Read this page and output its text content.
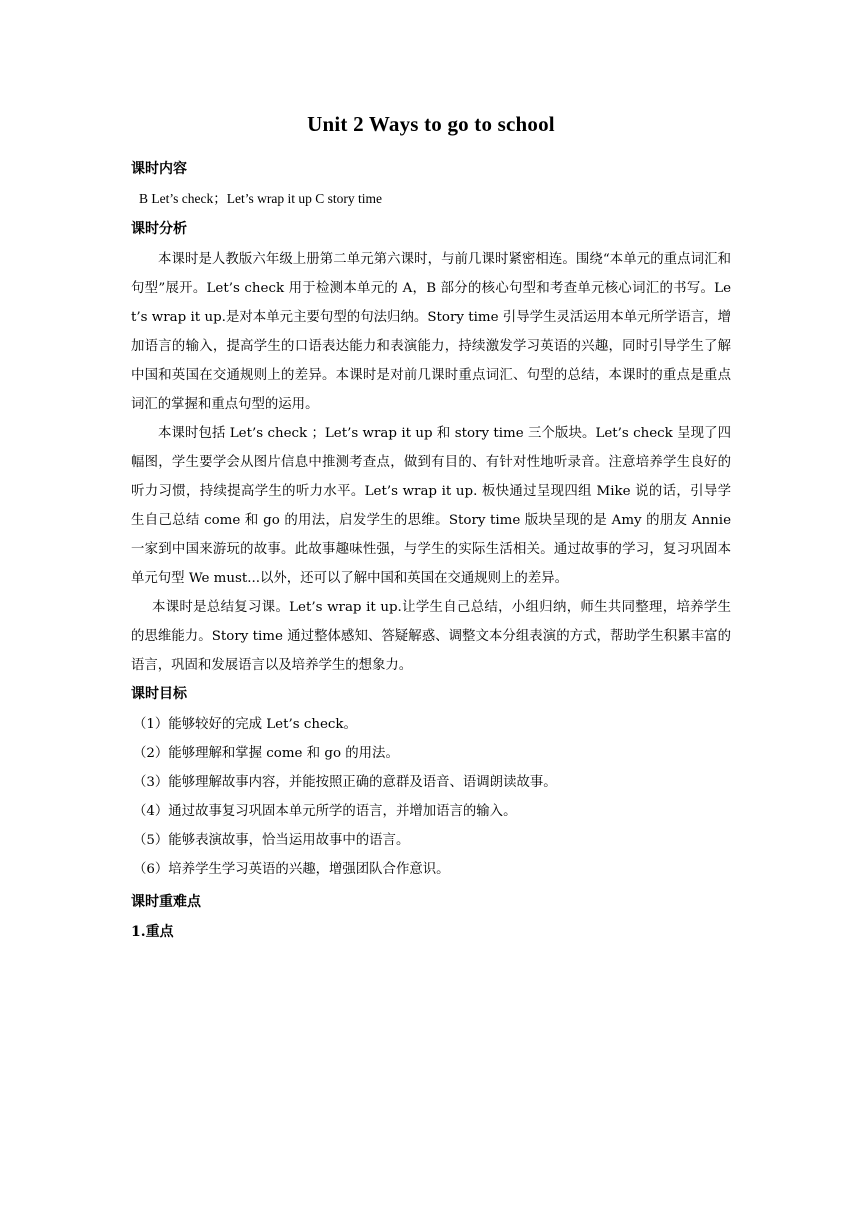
Unit 2 Ways to go to school

课时内容

B Let’s check；Let’s wrap it up C story time

课时分析

本课时是人教版六年级上册第二单元第六课时，与前几课时紧密相连。围绕“本单元的重点词汇和句型”展开。Let’s check 用于检测本单元的 A，B 部分的核心句型和考查单元核心词汇的书写。Let’s wrap it up.是对本单元主要句型的句法归纳。Story time 引导学生灵活运用本单元所学语言，增加语言的输入，提高学生的口语表达能力和表演能力，持续激发学习英语的兴趣，同时引导学生了解中国和英国在交通规则上的差异。本课时是对前几课时重点词汇、句型的总结，本课时的重点是重点词汇的掌握和重点句型的运用。

本课时包括 Let’s check ；Let’s wrap it up 和 story time 三个版块。Let’s check 呈现了四幅图，学生要学会从图片信息中推测考查点，做到有目的、有针对性地听录音。注意培养学生良好的听力习惯，持续提高学生的听力水平。Let’s wrap it up. 板快通过呈现四组 Mike 说的话，引导学生自己总结 come 和 go 的用法，启发学生的思维。Story time 版块呈现的是 Amy 的朋友 Annie 一家到中国来游玩的故事。此故事趣味性强，与学生的实际生活相关。通过故事的学习，复习巩固本单元句型 We must...以外，还可以了解中国和英国在交通规则上的差异。

本课时是总结复习课。Let’s wrap it up.让学生自己总结，小组归纳，师生共同整理，培养学生的思维能力。Story time 通过整体感知、答疑解惑、调整文本分组表演的方式，帮助学生积累丰富的语言，巩固和发展语言以及培养学生的想象力。

课时目标

（1）能够较好的完成 Let’s check。

（2）能够理解和掌握 come 和 go 的用法。

（3）能够理解故事内容，并能按照正确的意群及语音、语调朗读故事。

（4）通过故事复习巩固本单元所学的语言，并增加语言的输入。

（5）能够表演故事，恰当运用故事中的语言。

（6）培养学生学习英语的兴趣，增强团队合作意识。

课时重难点

1.重点
